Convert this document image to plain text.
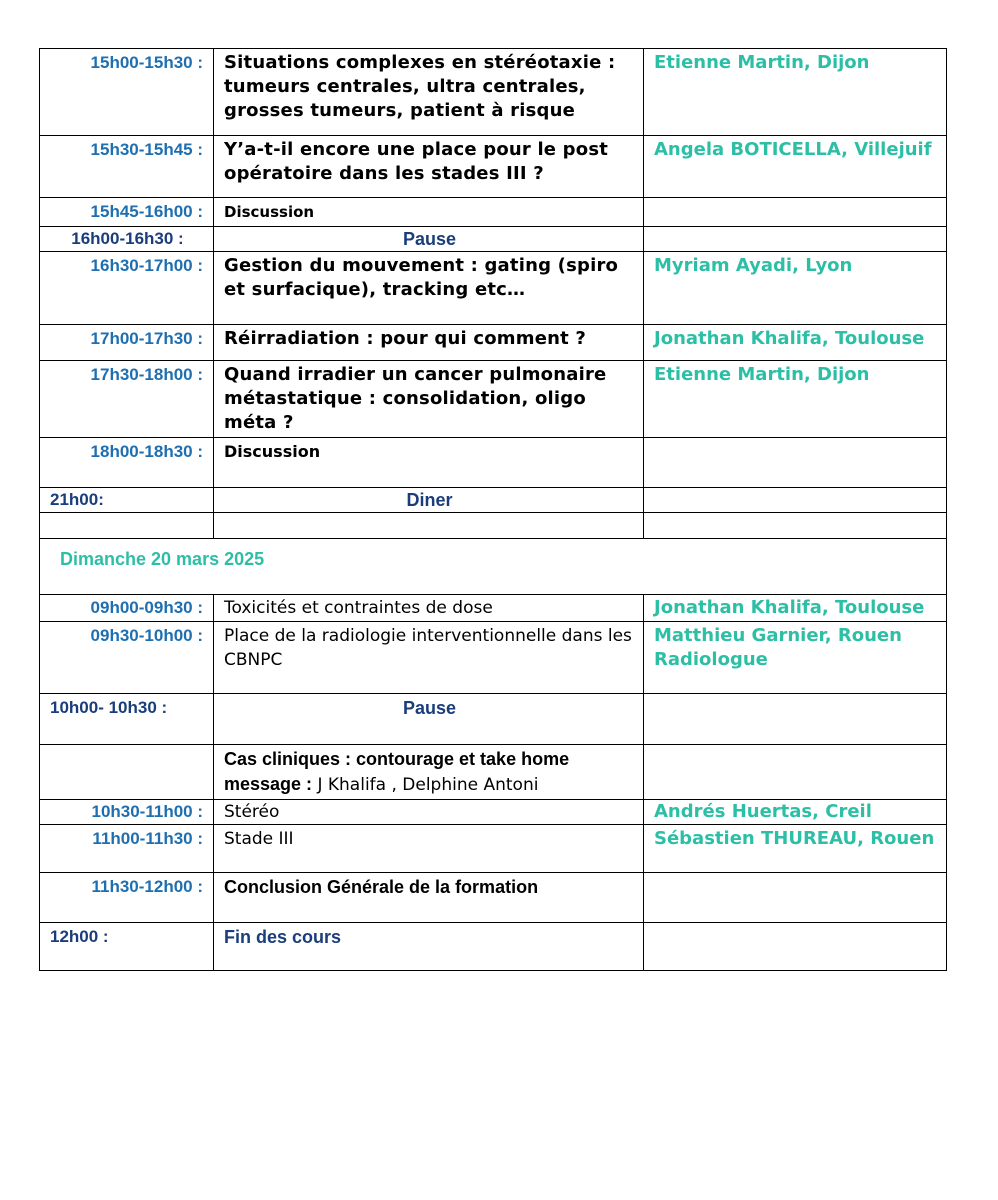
15h00-15h30 :	Situations complexes en stéréotaxie : tumeurs centrales, ultra centrales, grosses tumeurs, patient à risque	Etienne Martin, Dijon
15h30-15h45 :	Y’a-t-il encore une place pour le post opératoire dans les stades III ?	Angela BOTICELLA, Villejuif
15h45-16h00 :	Discussion	
16h00-16h30 :	Pause	
16h30-17h00 :	Gestion du mouvement : gating (spiro et surfacique), tracking etc…	Myriam Ayadi, Lyon
17h00-17h30 :	Réirradiation : pour qui comment ?	Jonathan Khalifa, Toulouse
17h30-18h00 :	Quand irradier un cancer pulmonaire métastatique : consolidation, oligo méta ?	Etienne Martin, Dijon
18h00-18h30 :	Discussion	
21h00:	Diner	

Dimanche 20 mars 2025		
09h00-09h30 :	Toxicités et contraintes de dose	Jonathan Khalifa, Toulouse
09h30-10h00 :	Place de la radiologie interventionnelle dans les CBNPC	Matthieu Garnier, Rouen Radiologue
10h00- 10h30 :	Pause	
	Cas cliniques : contourage et take home message : J Khalifa , Delphine Antoni	
10h30-11h00 :	Stéréo	Andrés Huertas, Creil
11h00-11h30 :	Stade III	Sébastien THUREAU, Rouen
11h30-12h00 :	Conclusion Générale de la formation	
12h00 :	Fin des cours	
